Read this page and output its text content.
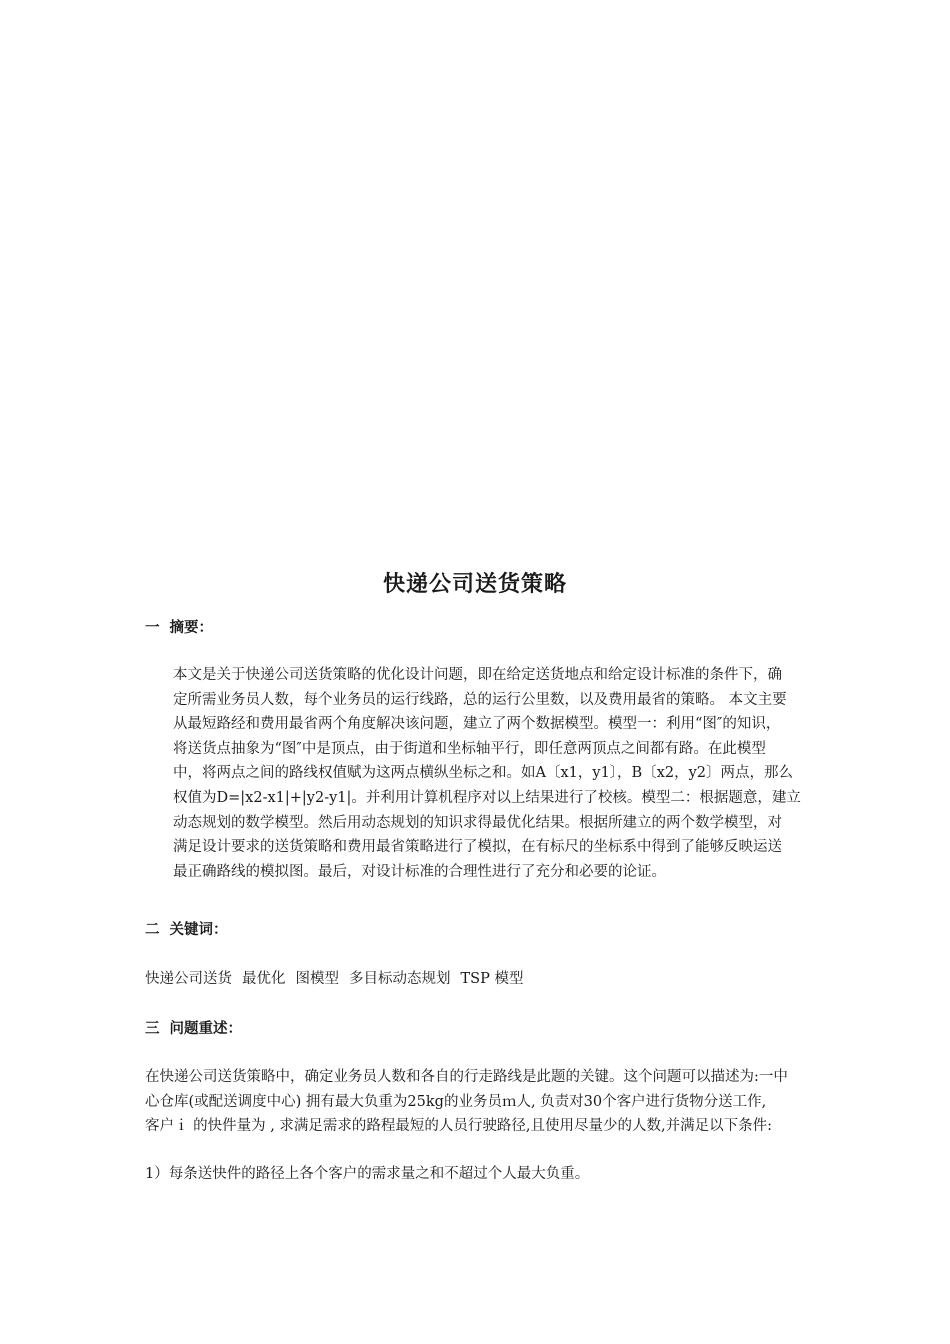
快递公司送货策略
一 摘要：
本文是关于快递公司送货策略的优化设计问题，即在给定送货地点和给定设计标准的条件下，确
定所需业务员人数，每个业务员的运行线路，总的运行公里数，以及费用最省的策略。 本文主要
从最短路经和费用最省两个角度解决该问题，建立了两个数据模型。模型一：利用“图″的知识，
将送货点抽象为“图″中是顶点，由于街道和坐标轴平行，即任意两顶点之间都有路。在此模型
中，将两点之间的路线权值赋为这两点横纵坐标之和。如A〔x1，y1〕，B〔x2，y2〕两点，那么
权值为D=|x2-x1|+|y2-y1|。并利用计算机程序对以上结果进行了校核。模型二：根据题意，建立
动态规划的数学模型。然后用动态规划的知识求得最优化结果。根据所建立的两个数学模型，对
满足设计要求的送货策略和费用最省策略进行了模拟，在有标尺的坐标系中得到了能够反映运送
最正确路线的模拟图。最后，对设计标准的合理性进行了充分和必要的论证。
二 关键词：
快递公司送货 最优化 图模型 多目标动态规划 TSP 模型
三 问题重述：
在快递公司送货策略中，确定业务员人数和各自的行走路线是此题的关键。这个问题可以描述为:一中
心仓库(或配送调度中心) 拥有最大负重为25kg的业务员ｍ人, 负责对30个客户进行货物分送工作,
客户ｉ 的快件量为 , 求满足需求的路程最短的人员行驶路径,且使用尽量少的人数,并满足以下条件:
1）每条送快件的路径上各个客户的需求量之和不超过个人最大负重。
